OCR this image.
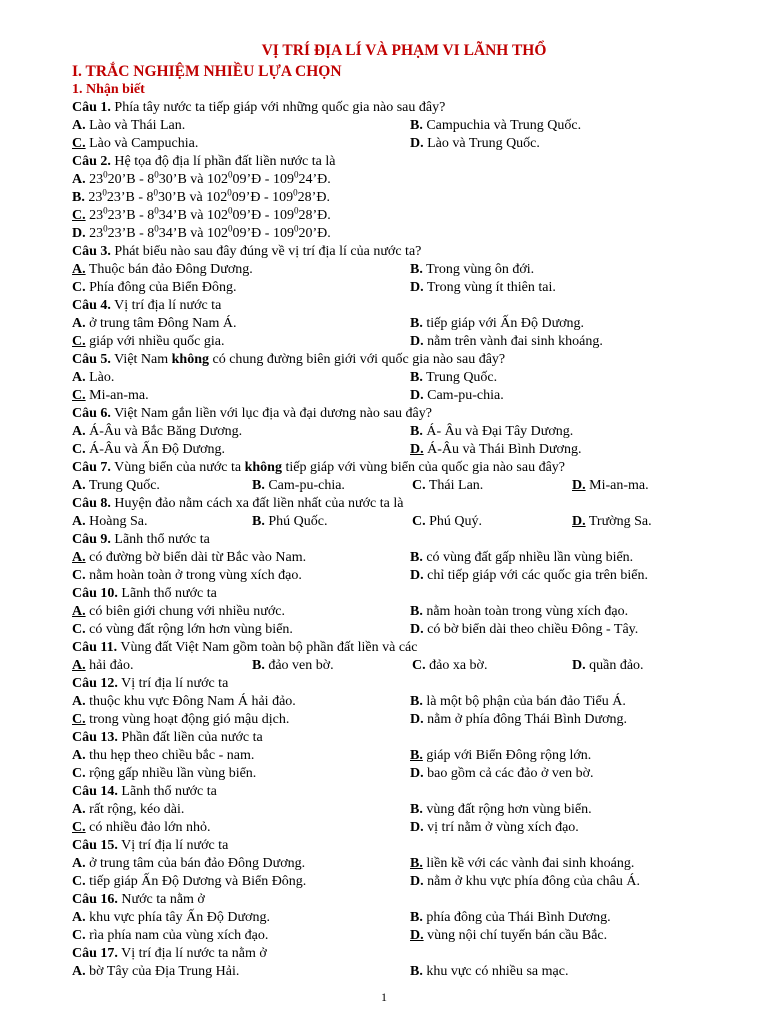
VỊ TRÍ ĐỊA LÍ VÀ PHẠM VI LÃNH THỔ
I. TRẮC NGHIỆM NHIỀU LỰA CHỌN
1. Nhận biết
Câu 1. Phía tây nước ta tiếp giáp với những quốc gia nào sau đây?
A. Lào và Thái Lan.	B. Campuchia và Trung Quốc.
C. Lào và Campuchia.	D. Lào và Trung Quốc.
Câu 2. Hệ tọa độ địa lí phần đất liền nước ta là
A. $23^020’B$ - $8^030’B$ và $102^009’Đ$ - $109^024’Đ$.
B. $23^023’B$ - $8^030’B$ và $102^009’Đ$ - $109^028’Đ$.
C. $23^023’B$ - $8^034’B$ và $102^009’Đ$ - $109^028’Đ$.
D. $23^023’B$ - $8^034’B$ và $102^009’Đ$ - $109^020’Đ$.
Câu 3. Phát biểu nào sau đây đúng về vị trí địa lí của nước ta?
A. Thuộc bán đảo Đông Dương.	B. Trong vùng ôn đới.
C. Phía đông của Biển Đông.	D. Trong vùng ít thiên tai.
Câu 4. Vị trí địa lí nước ta
A. ở trung tâm Đông Nam Á.	B. tiếp giáp với Ấn Độ Dương.
C. giáp với nhiều quốc gia.	D. nằm trên vành đai sinh khoáng.
Câu 5. Việt Nam không có chung đường biên giới với quốc gia nào sau đây?
A. Lào.	B. Trung Quốc.
C. Mi-an-ma.	D. Cam-pu-chia.
Câu 6. Việt Nam gắn liền với lục địa và đại dương nào sau đây?
A. Á-Âu và Bắc Băng Dương.	B. Á- Âu và Đại Tây Dương.
C. Á-Âu và Ấn Độ Dương.	D. Á-Âu và Thái Bình Dương.
Câu 7. Vùng biển của nước ta không tiếp giáp với vùng biển của quốc gia nào sau đây?
A. Trung Quốc.	B. Cam-pu-chia.	C. Thái Lan.	D. Mi-an-ma.
Câu 8. Huyện đảo nằm cách xa đất liền nhất của nước ta là
A. Hoàng Sa.	B. Phú Quốc.	C. Phú Quý.	D. Trường Sa.
Câu 9. Lãnh thổ nước ta
A. có đường bờ biển dài từ Bắc vào Nam.	B. có vùng đất gấp nhiều lần vùng biển.
C. nằm hoàn toàn ở trong vùng xích đạo.	D. chỉ tiếp giáp với các quốc gia trên biển.
Câu 10. Lãnh thổ nước ta
A. có biên giới chung với nhiều nước.	B. nằm hoàn toàn trong vùng xích đạo.
C. có vùng đất rộng lớn hơn vùng biển.	D. có bờ biển dài theo chiều Đông - Tây.
Câu 11. Vùng đất Việt Nam gồm toàn bộ phần đất liền và các
A. hải đảo.	B. đảo ven bờ.	C. đảo xa bờ.	D. quần đảo.
Câu 12. Vị trí địa lí nước ta
A. thuộc khu vực Đông Nam Á hải đảo.	B. là một bộ phận của bán đảo Tiểu Á.
C. trong vùng hoạt động gió mậu dịch.	D. nằm ở phía đông Thái Bình Dương.
Câu 13. Phần đất liền của nước ta
A. thu hẹp theo chiều bắc - nam.	B. giáp với Biển Đông rộng lớn.
C. rộng gấp nhiều lần vùng biển.	D. bao gồm cả các đảo ở ven bờ.
Câu 14. Lãnh thổ nước ta
A. rất rộng, kéo dài.	B. vùng đất rộng hơn vùng biển.
C. có nhiều đảo lớn nhỏ.	D. vị trí nằm ở vùng xích đạo.
Câu 15. Vị trí địa lí nước ta
A. ở trung tâm của bán đảo Đông Dương.	B. liền kề với các vành đai sinh khoáng.
C. tiếp giáp Ấn Độ Dương và Biển Đông.	D. nằm ở khu vực phía đông của châu Á.
Câu 16. Nước ta nằm ở
A. khu vực phía tây Ấn Độ Dương.	B. phía đông của Thái Bình Dương.
C. rìa phía nam của vùng xích đạo.	D. vùng nội chí tuyến bán cầu Bắc.
Câu 17. Vị trí địa lí nước ta nằm ở
A. bờ Tây của Địa Trung Hải.	B. khu vực có nhiều sa mạc.
1
